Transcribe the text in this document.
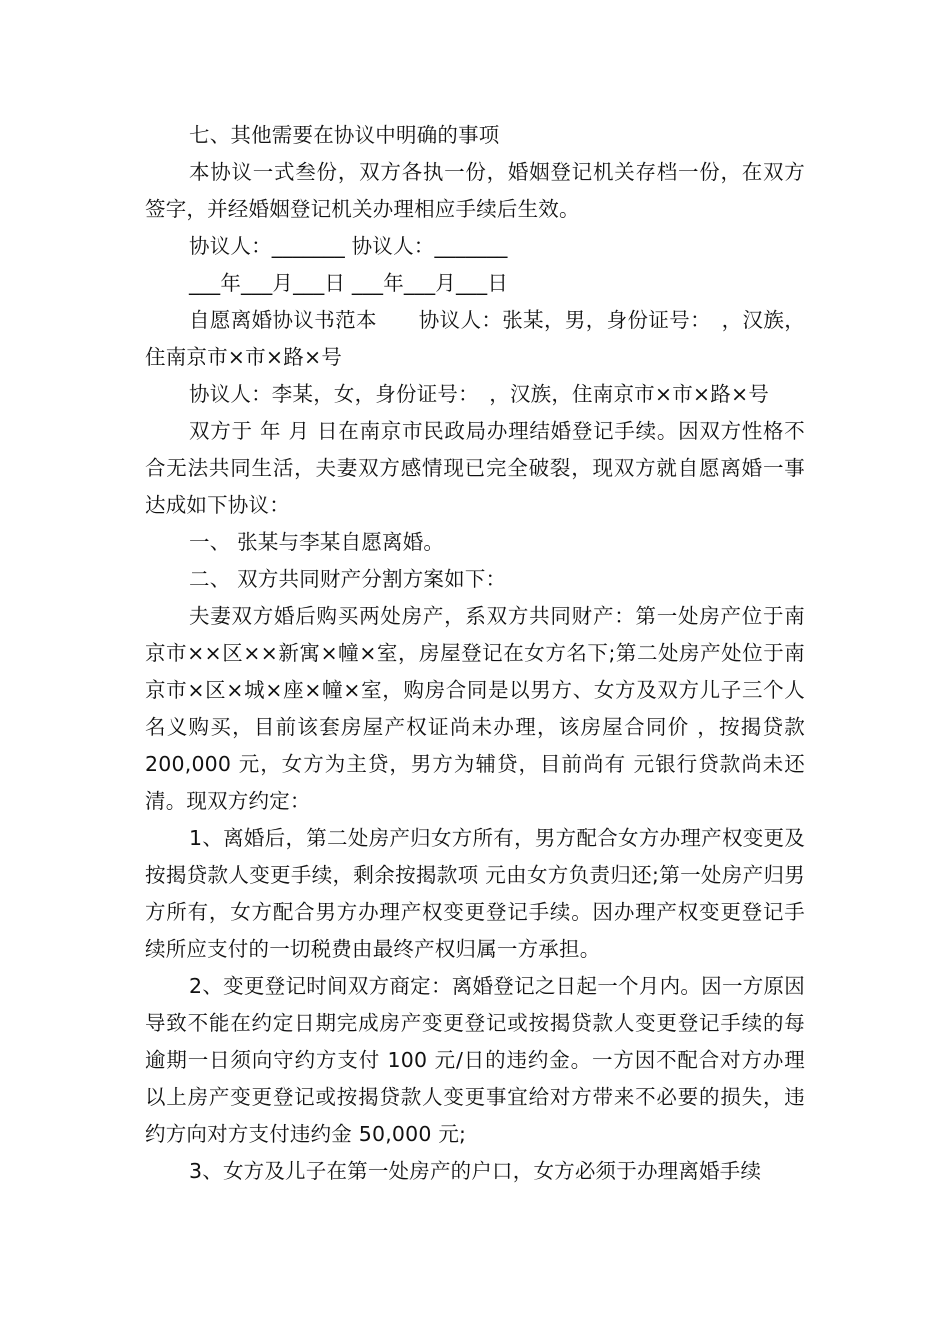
七、其他需要在协议中明确的事项

本协议一式叁份，双方各执一份，婚姻登记机关存档一份，在双方签字，并经婚姻登记机关办理相应手续后生效。

协议人：_______ 协议人：_______

___年___月___日 ___年___月___日

自愿离婚协议书范本　　协议人：张某，男，身份证号：　，汉族，住南京市×市×路×号

协议人：李某，女，身份证号：　，汉族，住南京市×市×路×号

双方于 年 月 日在南京市民政局办理结婚登记手续。因双方性格不合无法共同生活，夫妻双方感情现已完全破裂，现双方就自愿离婚一事达成如下协议：

一、 张某与李某自愿离婚。

二、 双方共同财产分割方案如下：

夫妻双方婚后购买两处房产，系双方共同财产：第一处房产位于南京市××区××新寓×幢×室，房屋登记在女方名下;第二处房产处位于南京市×区×城×座×幢×室，购房合同是以男方、女方及双方儿子三个人名义购买，目前该套房屋产权证尚未办理，该房屋合同价 ，按揭贷款 200,000 元，女方为主贷，男方为辅贷，目前尚有 元银行贷款尚未还清。现双方约定：

1、离婚后，第二处房产归女方所有，男方配合女方办理产权变更及按揭贷款人变更手续，剩余按揭款项 元由女方负责归还;第一处房产归男方所有，女方配合男方办理产权变更登记手续。因办理产权变更登记手续所应支付的一切税费由最终产权归属一方承担。

2、变更登记时间双方商定：离婚登记之日起一个月内。因一方原因导致不能在约定日期完成房产变更登记或按揭贷款人变更登记手续的每逾期一日须向守约方支付 100 元/日的违约金。一方因不配合对方办理以上房产变更登记或按揭贷款人变更事宜给对方带来不必要的损失，违约方向对方支付违约金 50,000 元;

3、女方及儿子在第一处房产的户口，女方必须于办理离婚手续
